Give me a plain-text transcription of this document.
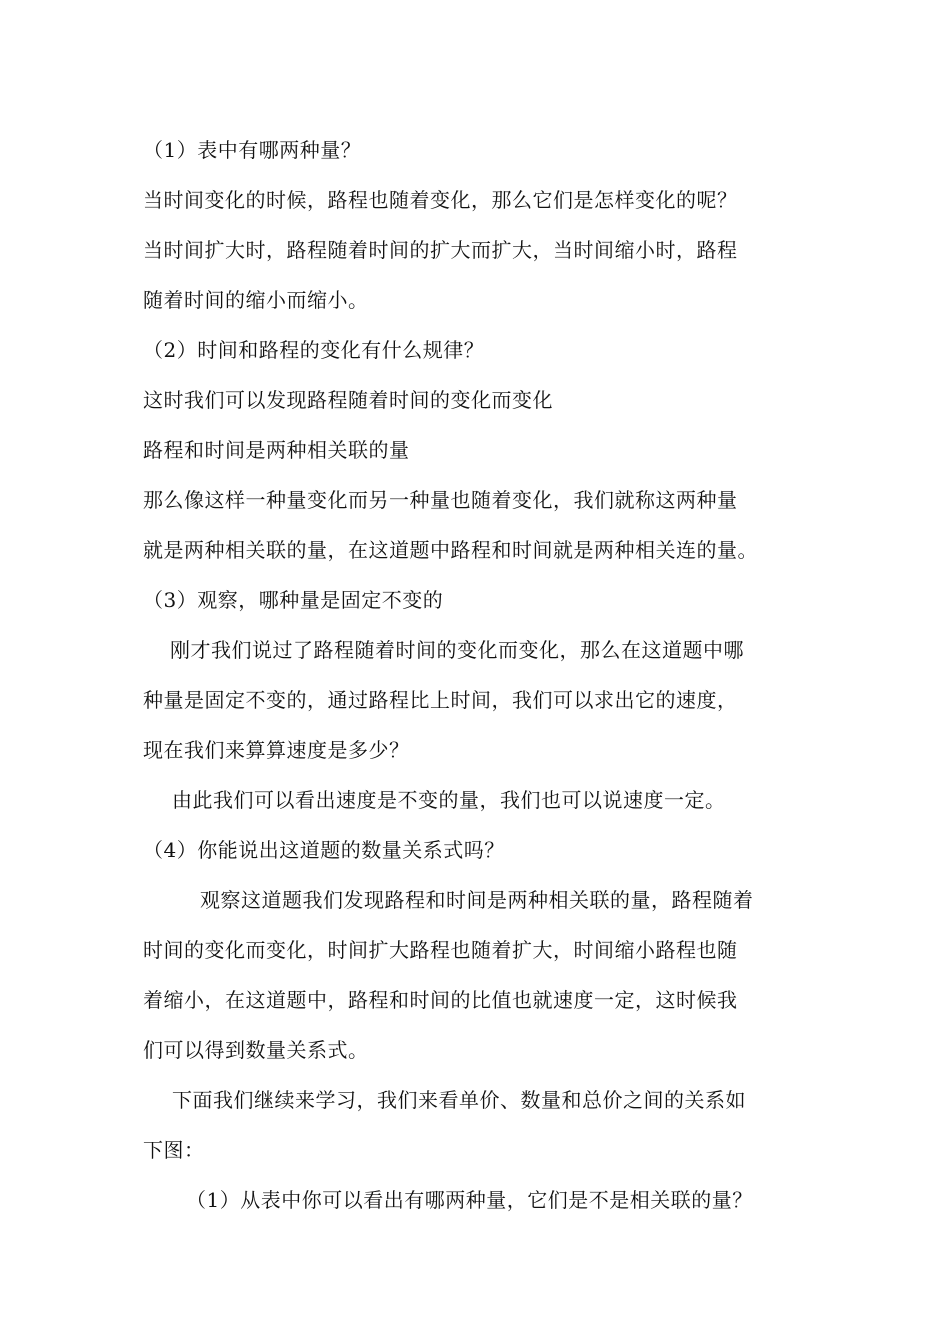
（1）表中有哪两种量？
当时间变化的时候，路程也随着变化，那么它们是怎样变化的呢？
当时间扩大时，路程随着时间的扩大而扩大，当时间缩小时，路程
随着时间的缩小而缩小。
（2）时间和路程的变化有什么规律？
这时我们可以发现路程随着时间的变化而变化
路程和时间是两种相关联的量
那么像这样一种量变化而另一种量也随着变化，我们就称这两种量
就是两种相关联的量，在这道题中路程和时间就是两种相关连的量。
（3）观察，哪种量是固定不变的
刚才我们说过了路程随着时间的变化而变化，那么在这道题中哪
种量是固定不变的，通过路程比上时间，我们可以求出它的速度，
现在我们来算算速度是多少？
由此我们可以看出速度是不变的量，我们也可以说速度一定。
（4）你能说出这道题的数量关系式吗？
观察这道题我们发现路程和时间是两种相关联的量，路程随着
时间的变化而变化，时间扩大路程也随着扩大，时间缩小路程也随
着缩小，在这道题中，路程和时间的比值也就速度一定，这时候我
们可以得到数量关系式。
下面我们继续来学习，我们来看单价、数量和总价之间的关系如
下图：
（1）从表中你可以看出有哪两种量，它们是不是相关联的量？
